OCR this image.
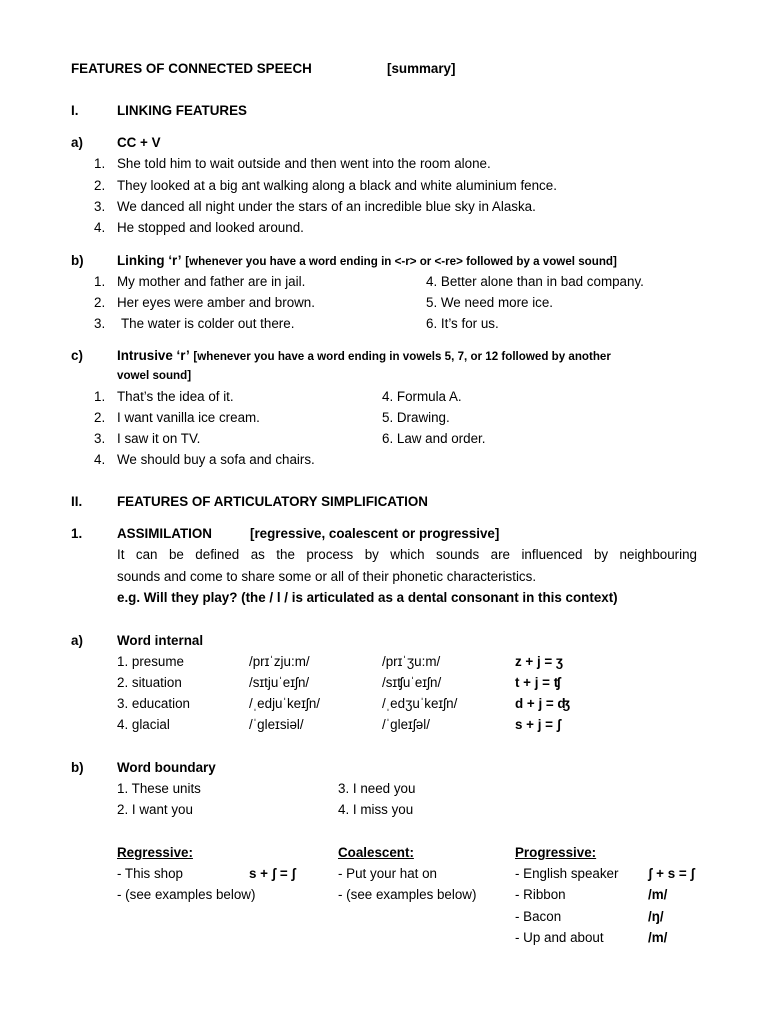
FEATURES OF CONNECTED SPEECH	[summary]
I.	LINKING FEATURES
a)	CC + V
1. She told him to wait outside and then went into the room alone.
2. They looked at a big ant walking along a black and white aluminium fence.
3. We danced all night under the stars of an incredible blue sky in Alaska.
4. He stopped and looked around.
b) Linking ‘r’ [whenever you have a word ending in <-r> or <-re> followed by a vowel sound]
1. My mother and father are in jail.
2. Her eyes were amber and brown.
3. The water is colder out there.
4. Better alone than in bad company.
5. We need more ice.
6. It’s for us.
c)	Intrusive ‘r’ [whenever you have a word ending in vowels 5, 7, or 12 followed by another
vowel sound]
1. That’s the idea of it.
2. I want vanilla ice cream.
3. I saw it on TV.
4. We should buy a sofa and chairs.
4. Formula A.
5. Drawing.
6. Law and order.
II.	FEATURES OF ARTICULATORY SIMPLIFICATION
1.	ASSIMILATION	[regressive, coalescent or progressive]
It can be defined as the process by which sounds are influenced by neighbouring
sounds and come to share some or all of their phonetic characteristics.
e.g. Will they play? (the / l / is articulated as a dental consonant in this context)
a)	Word internal
1. presume	/prɪˈzju:m/	/prɪˈʒu:m/	z + j = ʒ
2. situation	/sɪtjuˈeɪʃn/	/sɪʧuˈeɪʃn/	t + j = ʧ
3. education	/ˌedjuˈkeɪʃn/	/ˌedʒuˈkeɪʃn/	d + j = ʤ
4. glacial	/ˈgleɪsiəl/	/ˈgleɪʃəl/	s + j = ʃ
b) Word boundary
1. These units
2. I want you
3. I need you
4. I miss you
Regressive:
- This shop	s + ʃ = ʃ
- (see examples below)
Coalescent:
- Put your hat on
- (see examples below)
Progressive:
- English speaker ʃ + s = ʃ
- Ribbon	/m/
- Bacon	/ŋ/
- Up and about	/m/
